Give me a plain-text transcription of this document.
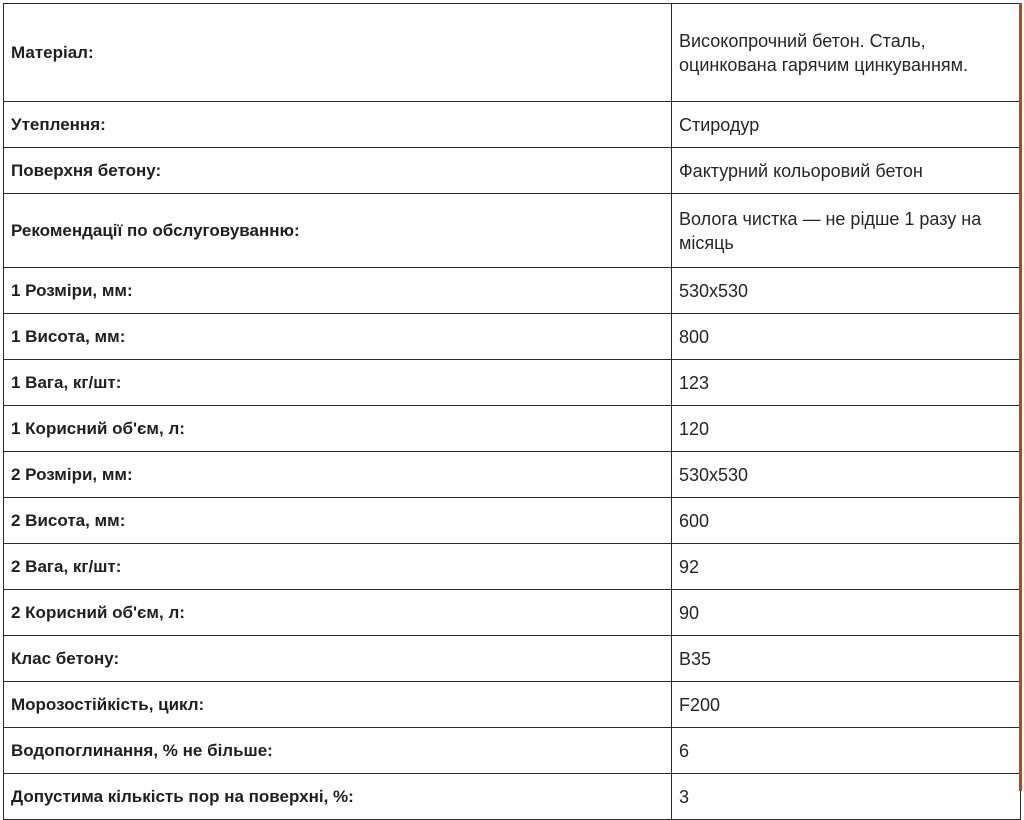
Матеріал:	Високопрочний бетон. Сталь, оцинкована гарячим цинкуванням.
Утеплення:	Стиродур
Поверхня бетону:	Фактурний кольоровий бетон
Рекомендації по обслуговуванню:	Волога чистка — не рідше 1 разу на місяць
1 Розміри, мм:	530x530
1 Висота, мм:	800
1 Вага, кг/шт:	123
1 Корисний об'єм, л:	120
2 Розміри, мм:	530x530
2 Висота, мм:	600
2 Вага, кг/шт:	92
2 Корисний об'єм, л:	90
Клас бетону:	В35
Морозостійкість, цикл:	F200
Водопоглинання, % не більше:	6
Допустима кількість пор на поверхні, %:	3
